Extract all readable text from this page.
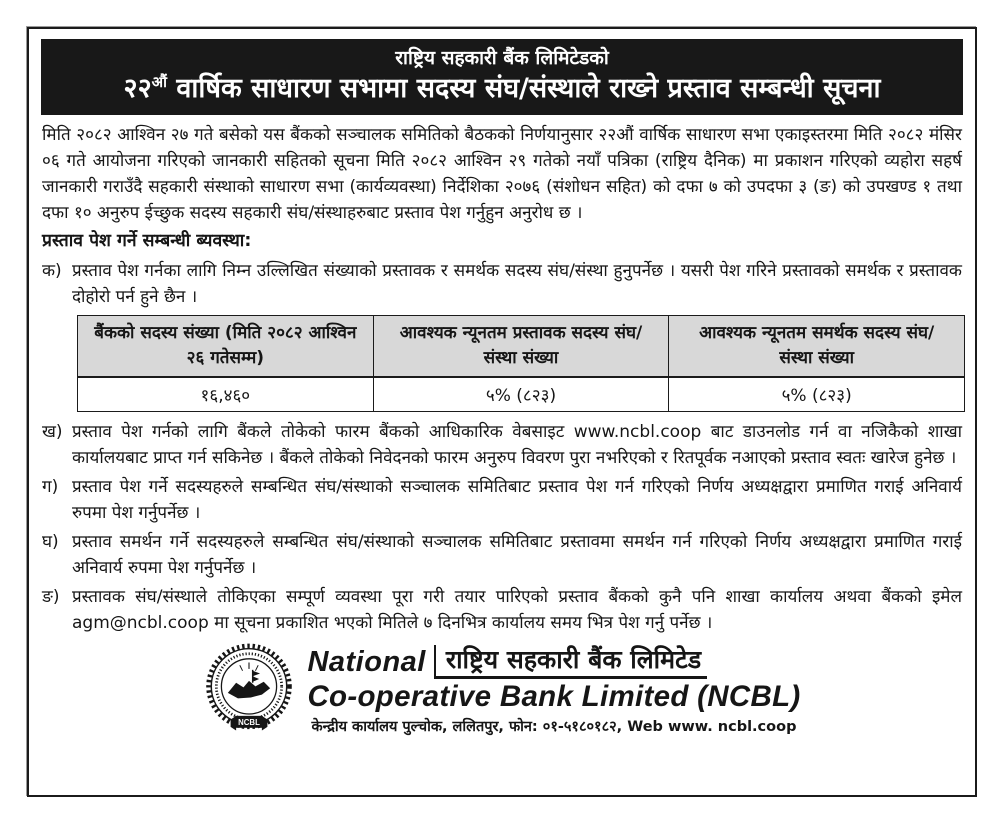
राष्ट्रिय सहकारी बैंक लिमिटेडको
$२२^{औं}$ वार्षिक साधारण सभामा सदस्य संघ/संस्थाले राख्ने प्रस्ताव सम्बन्धी सूचना

मिति २०८२ आश्विन २७ गते बसेको यस बैंकको सञ्चालक समितिको बैठकको निर्णयानुसार २२औं वार्षिक साधारण सभा एकाइस्तरमा मिति २०८२ मंसिर ०६ गते आयोजना गरिएको जानकारी सहितको सूचना मिति २०८२ आश्विन २९ गतेको नयाँ पत्रिका (राष्ट्रिय दैनिक) मा प्रकाशन गरिएको व्यहोरा सहर्ष जानकारी गराउँदै सहकारी संस्थाको साधारण सभा (कार्यव्यवस्था) निर्देशिका २०७६ (संशोधन सहित) को दफा ७ को उपदफा ३ (ङ) को उपखण्ड १ तथा दफा १० अनुरुप ईच्छुक सदस्य सहकारी संघ/संस्थाहरुबाट प्रस्ताव पेश गर्नुहुन अनुरोध छ ।

प्रस्ताव पेश गर्ने सम्बन्धी ब्यवस्था:
क) प्रस्ताव पेश गर्नका लागि निम्न उल्लिखित संख्याको प्रस्तावक र समर्थक सदस्य संघ/संस्था हुनुपर्नेछ । यसरी पेश गरिने प्रस्तावको समर्थक र प्रस्तावक दोहोरो पर्न हुने छैन ।
बैंकको सदस्य संख्या (मिति २०८२ आश्विन २६ गतेसम्म)	आवश्यक न्यूनतम प्रस्तावक सदस्य संघ/संस्था संख्या	आवश्यक न्यूनतम समर्थक सदस्य संघ/संस्था संख्या
१६,४६०	५% (८२३)	५% (८२३)
ख) प्रस्ताव पेश गर्नको लागि बैंकले तोकेको फारम बैंकको आधिकारिक वेबसाइट www.ncbl.coop बाट डाउनलोड गर्न वा नजिकैको शाखा कार्यालयबाट प्राप्त गर्न सकिनेछ । बैंकले तोकेको निवेदनको फारम अनुरुप विवरण पुरा नभरिएको र रितपूर्वक नआएको प्रस्ताव स्वतः खारेज हुनेछ ।
ग) प्रस्ताव पेश गर्ने सदस्यहरुले सम्बन्धित संघ/संस्थाको सञ्चालक समितिबाट प्रस्ताव पेश गर्न गरिएको निर्णय अध्यक्षद्वारा प्रमाणित गराई अनिवार्य रुपमा पेश गर्नुपर्नेछ ।
घ) प्रस्ताव समर्थन गर्ने सदस्यहरुले सम्बन्धित संघ/संस्थाको सञ्चालक समितिबाट प्रस्तावमा समर्थन गर्न गरिएको निर्णय अध्यक्षद्वारा प्रमाणित गराई अनिवार्य रुपमा पेश गर्नुपर्नेछ ।
ङ) प्रस्तावक संघ/संस्थाले तोकिएका सम्पूर्ण व्यवस्था पूरा गरी तयार पारिएको प्रस्ताव बैंकको कुनै पनि शाखा कार्यालय अथवा बैंकको इमेल agm@ncbl.coop मा सूचना प्रकाशित भएको मितिले ७ दिनभित्र कार्यालय समय भित्र पेश गर्नु पर्नेछ ।
NCBL
National राष्ट्रिय सहकारी बैंक लिमिटेड
Co-operative Bank Limited (NCBL)
केन्द्रीय कार्यालय पुल्चोक, ललितपुर, फोन: ०१-५१८०१८२, Web www. ncbl.coop
